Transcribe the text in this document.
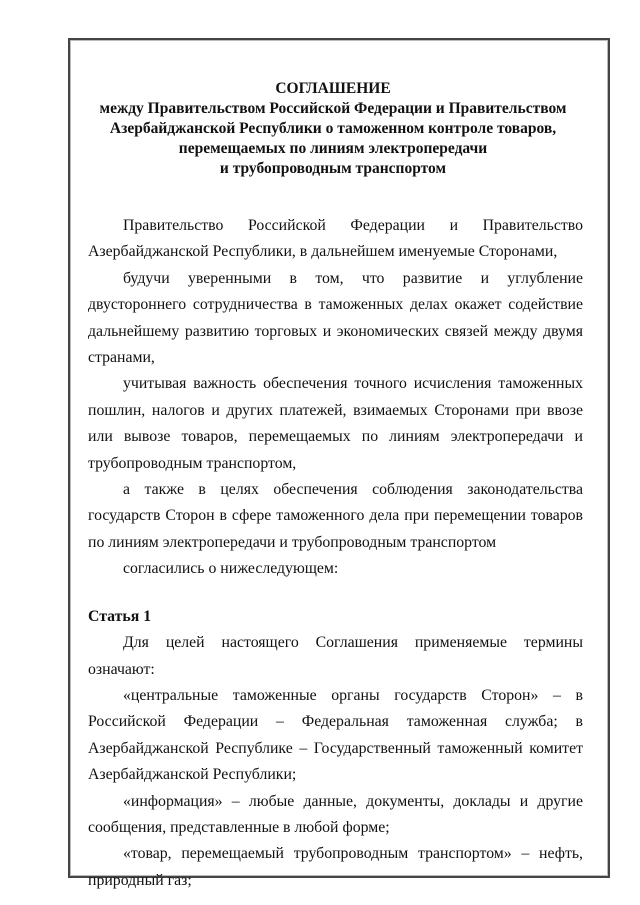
СОГЛАШЕНИЕ
между Правительством Российской Федерации и Правительством
Азербайджанской Республики о таможенном контроле товаров,
перемещаемых по линиям электропередачи
и трубопроводным транспортом

Правительство Российской Федерации и Правительство Азербайджанской Республики, в дальнейшем именуемые Сторонами,

будучи уверенными в том, что развитие и углубление двустороннего сотрудничества в таможенных делах окажет содействие дальнейшему развитию торговых и экономических связей между двумя странами,

учитывая важность обеспечения точного исчисления таможенных пошлин, налогов и других платежей, взимаемых Сторонами при ввозе или вывозе товаров, перемещаемых по линиям электропередачи и трубопроводным транспортом,

а также в целях обеспечения соблюдения законодательства государств Сторон в сфере таможенного дела при перемещении товаров по линиям электропередачи и трубопроводным транспортом

согласились о нижеследующем:

Статья 1

Для целей настоящего Соглашения применяемые термины означают:

«центральные таможенные органы государств Сторон» – в Российской Федерации – Федеральная таможенная служба; в Азербайджанской Республике – Государственный таможенный комитет Азербайджанской Республики;

«информация» – любые данные, документы, доклады и другие сообщения, представленные в любой форме;

«товар, перемещаемый трубопроводным транспортом» – нефть, природный газ;
